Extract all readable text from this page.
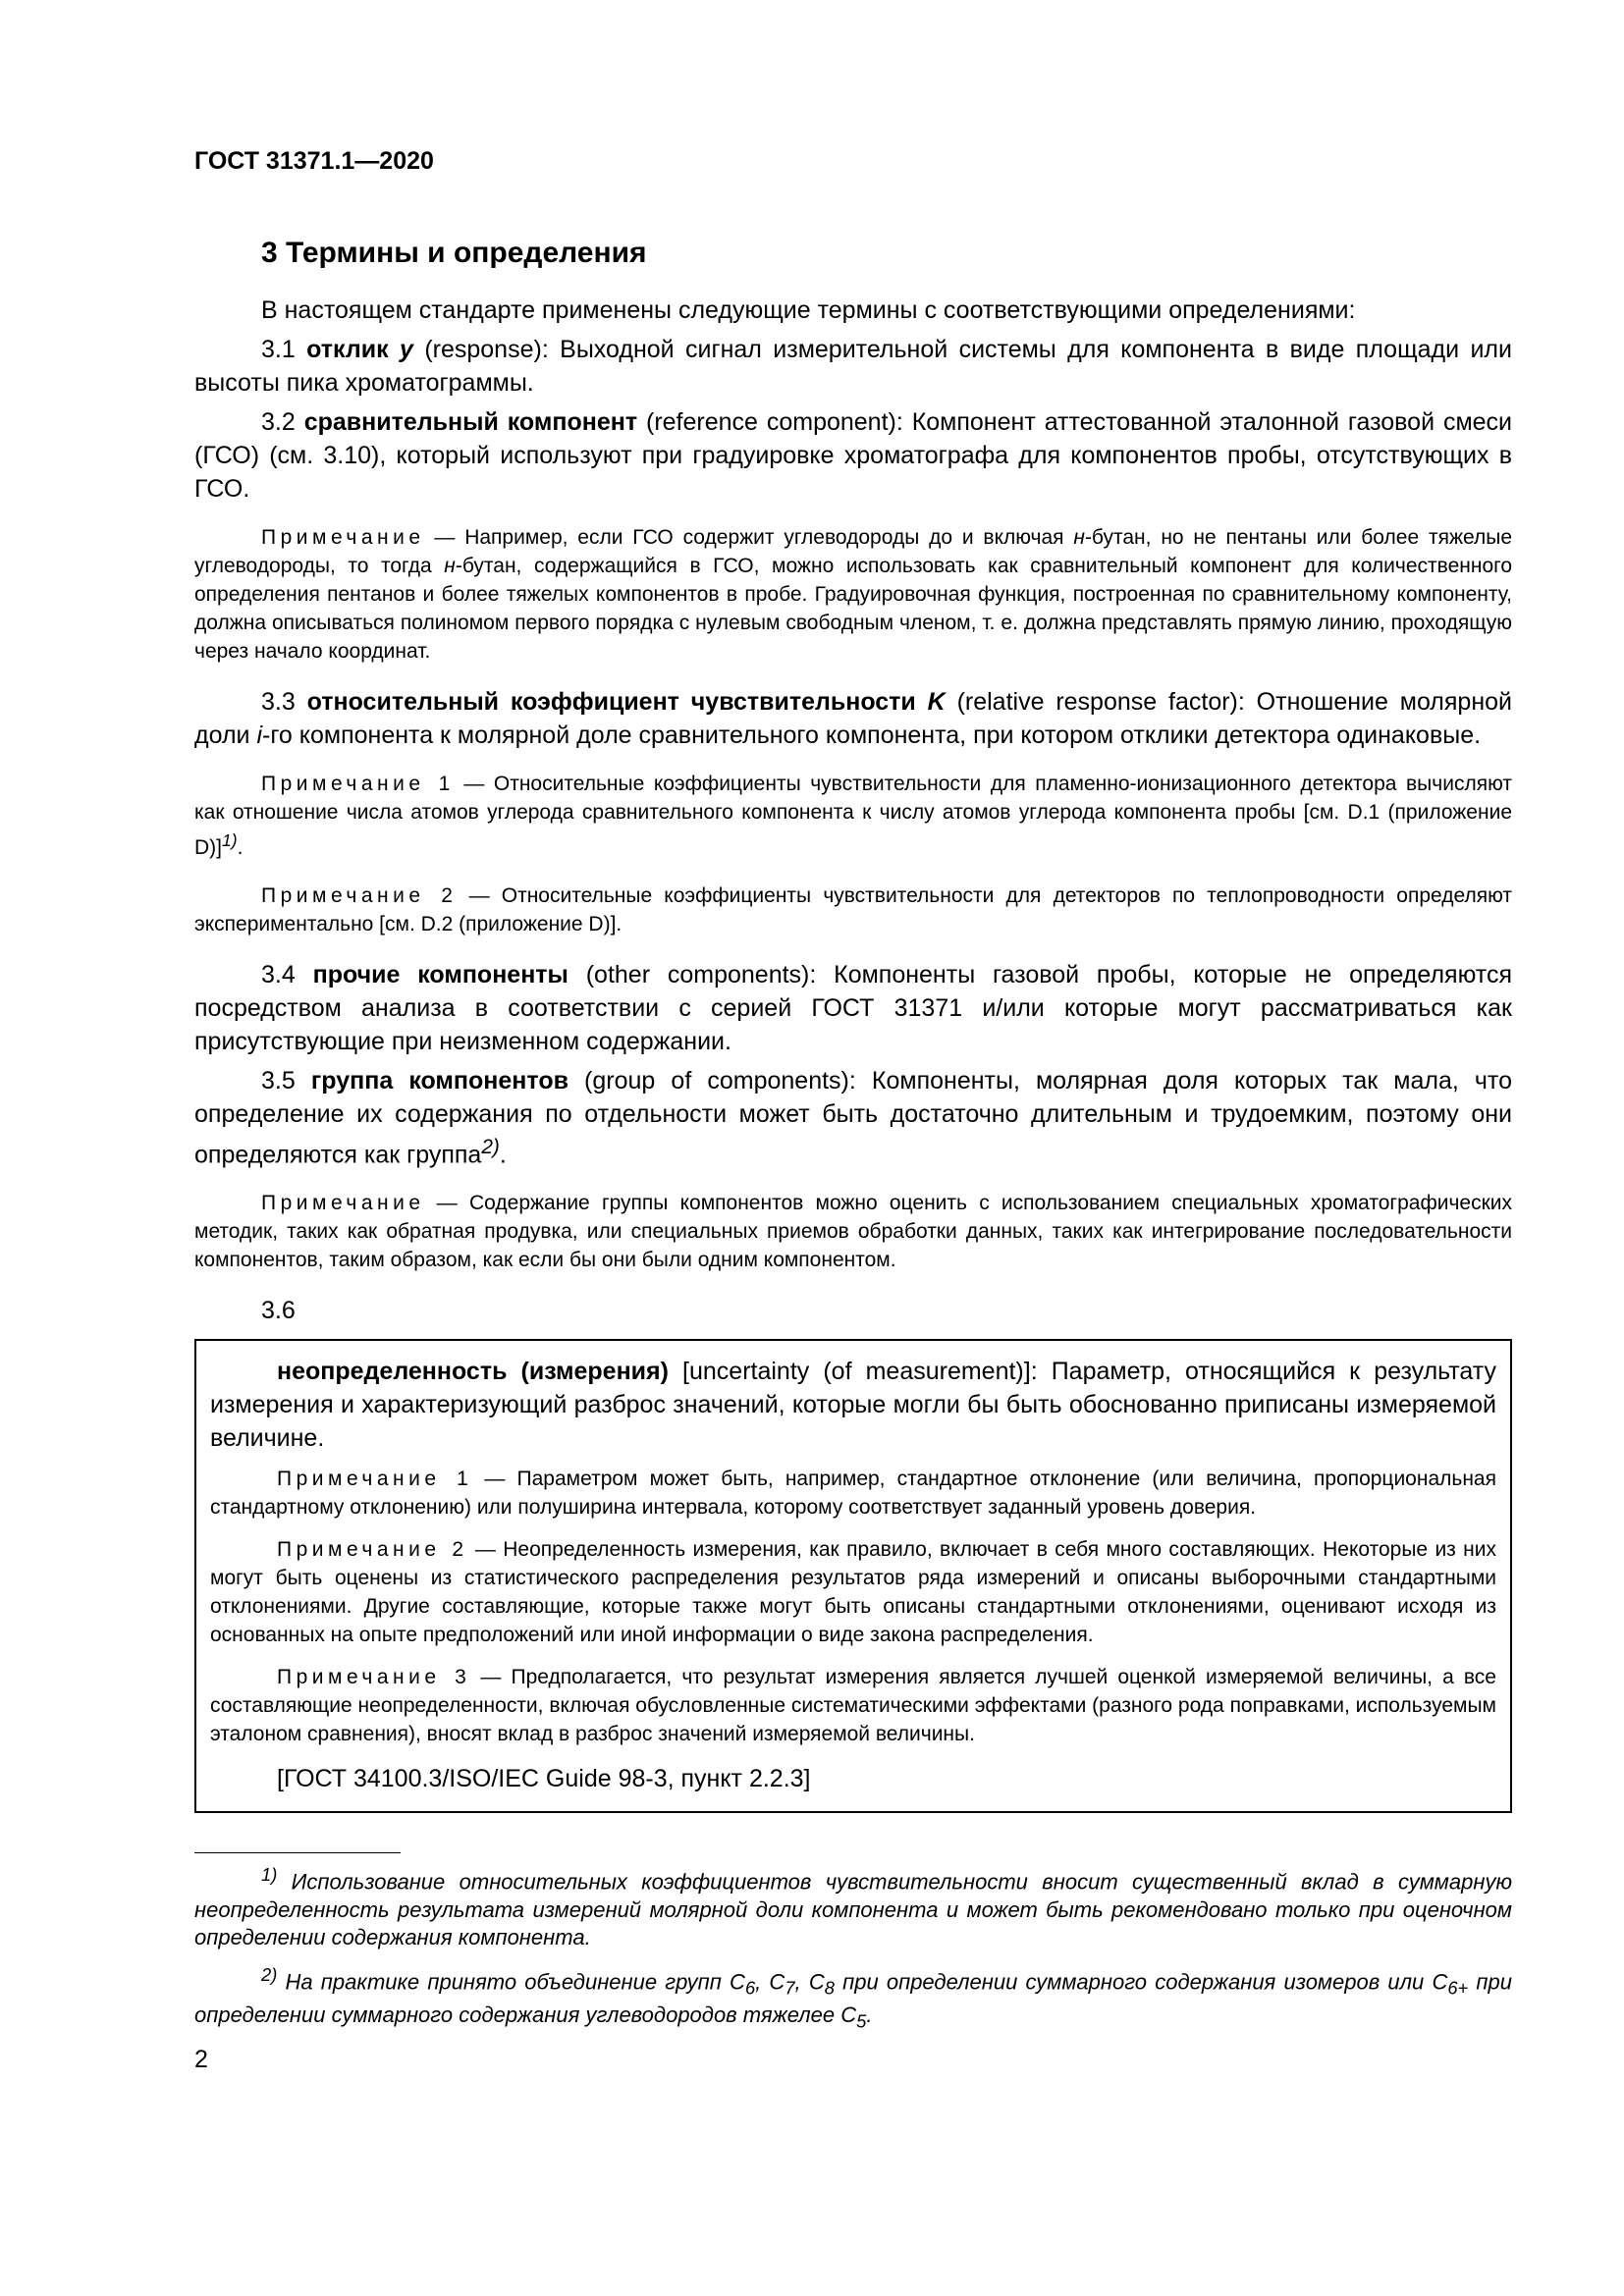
ГОСТ 31371.1—2020

3 Термины и определения

В настоящем стандарте применены следующие термины с соответствующими определениями:

3.1 отклик y (response): Выходной сигнал измерительной системы для компонента в виде площади или высоты пика хроматограммы.

3.2 сравнительный компонент (reference component): Компонент аттестованной эталонной газовой смеси (ГСО) (см. 3.10), который используют при градуировке хроматографа для компонентов пробы, отсутствующих в ГСО.

Примечание — Например, если ГСО содержит углеводороды до и включая н-бутан, но не пентаны или более тяжелые углеводороды, то тогда н-бутан, содержащийся в ГСО, можно использовать как сравнительный компонент для количественного определения пентанов и более тяжелых компонентов в пробе. Градуировочная функция, построенная по сравнительному компоненту, должна описываться полиномом первого порядка с нулевым свободным членом, т. е. должна представлять прямую линию, проходящую через начало координат.

3.3 относительный коэффициент чувствительности K (relative response factor): Отношение молярной доли i-го компонента к молярной доле сравнительного компонента, при котором отклики детектора одинаковые.

Примечание 1 — Относительные коэффициенты чувствительности для пламенно-ионизационного детектора вычисляют как отношение числа атомов углерода сравнительного компонента к числу атомов углерода компонента пробы [см. D.1 (приложение D)]$^{1)}$.

Примечание 2 — Относительные коэффициенты чувствительности для детекторов по теплопроводности определяют экспериментально [см. D.2 (приложение D)].

3.4 прочие компоненты (other components): Компоненты газовой пробы, которые не определяются посредством анализа в соответствии с серией ГОСТ 31371 и/или которые могут рассматриваться как присутствующие при неизменном содержании.

3.5 группа компонентов (group of components): Компоненты, молярная доля которых так мала, что определение их содержания по отдельности может быть достаточно длительным и трудоемким, поэтому они определяются как группа$^{2)}$.

Примечание — Содержание группы компонентов можно оценить с использованием специальных хроматографических методик, таких как обратная продувка, или специальных приемов обработки данных, таких как интегрирование последовательности компонентов, таким образом, как если бы они были одним компонентом.

3.6

неопределенность (измерения) [uncertainty (of measurement)]: Параметр, относящийся к результату измерения и характеризующий разброс значений, которые могли бы быть обоснованно приписаны измеряемой величине.

Примечание 1 — Параметром может быть, например, стандартное отклонение (или величина, пропорциональная стандартному отклонению) или полуширина интервала, которому соответствует заданный уровень доверия.

Примечание 2 — Неопределенность измерения, как правило, включает в себя много составляющих. Некоторые из них могут быть оценены из статистического распределения результатов ряда измерений и описаны выборочными стандартными отклонениями. Другие составляющие, которые также могут быть описаны стандартными отклонениями, оценивают исходя из основанных на опыте предположений или иной информации о виде закона распределения.

Примечание 3 — Предполагается, что результат измерения является лучшей оценкой измеряемой величины, а все составляющие неопределенности, включая обусловленные систематическими эффектами (разного рода поправками, используемым эталоном сравнения), вносят вклад в разброс значений измеряемой величины.

[ГОСТ 34100.3/ISO/IEC Guide 98-3, пункт 2.2.3]

$^{1)}$ Использование относительных коэффициентов чувствительности вносит существенный вклад в суммарную неопределенность результата измерений молярной доли компонента и может быть рекомендовано только при оценочном определении содержания компонента.

$^{2)}$ На практике принято объединение групп $C_6$, $C_7$, $C_8$ при определении суммарного содержания изомеров или $C_{6+}$ при определении суммарного содержания углеводородов тяжелее $C_5$.

2
